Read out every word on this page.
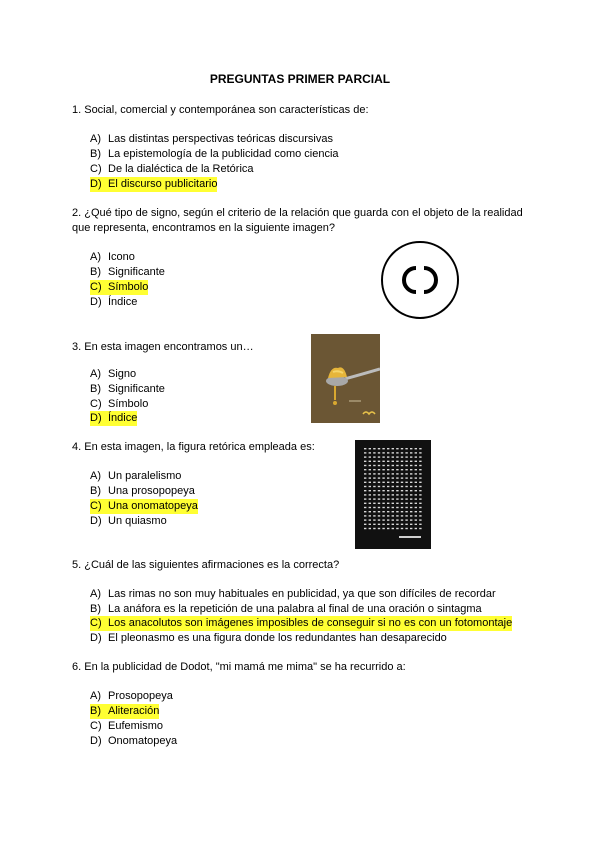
PREGUNTAS PRIMER PARCIAL
1. Social, comercial y contemporánea son características de:
A) Las distintas perspectivas teóricas discursivas
B) La epistemología de la publicidad como ciencia
C) De la dialéctica de la Retórica
D) El discurso publicitario
2. ¿Qué tipo de signo, según el criterio de la relación que guarda con el objeto de la realidad que representa, encontramos en la siguiente imagen?
A) Icono
B) Significante
C) Símbolo
D) Índice
3. En esta imagen encontramos un…
A) Signo
B) Significante
C) Símbolo
D) Índice
4. En esta imagen, la figura retórica empleada es:
A) Un paralelismo
B) Una prosopopeya
C) Una onomatopeya
D) Un quiasmo
5. ¿Cuál de las siguientes afirmaciones es la correcta?
A) Las rimas no son muy habituales en publicidad, ya que son difíciles de recordar
B) La anáfora es la repetición de una palabra al final de una oración o sintagma
C) Los anacolutos son imágenes imposibles de conseguir si no es con un fotomontaje
D) El pleonasmo es una figura donde los redundantes han desaparecido
6. En la publicidad de Dodot, "mi mamá me mima" se ha recurrido a:
A) Prosopopeya
B) Aliteración
C) Eufemismo
D) Onomatopeya
